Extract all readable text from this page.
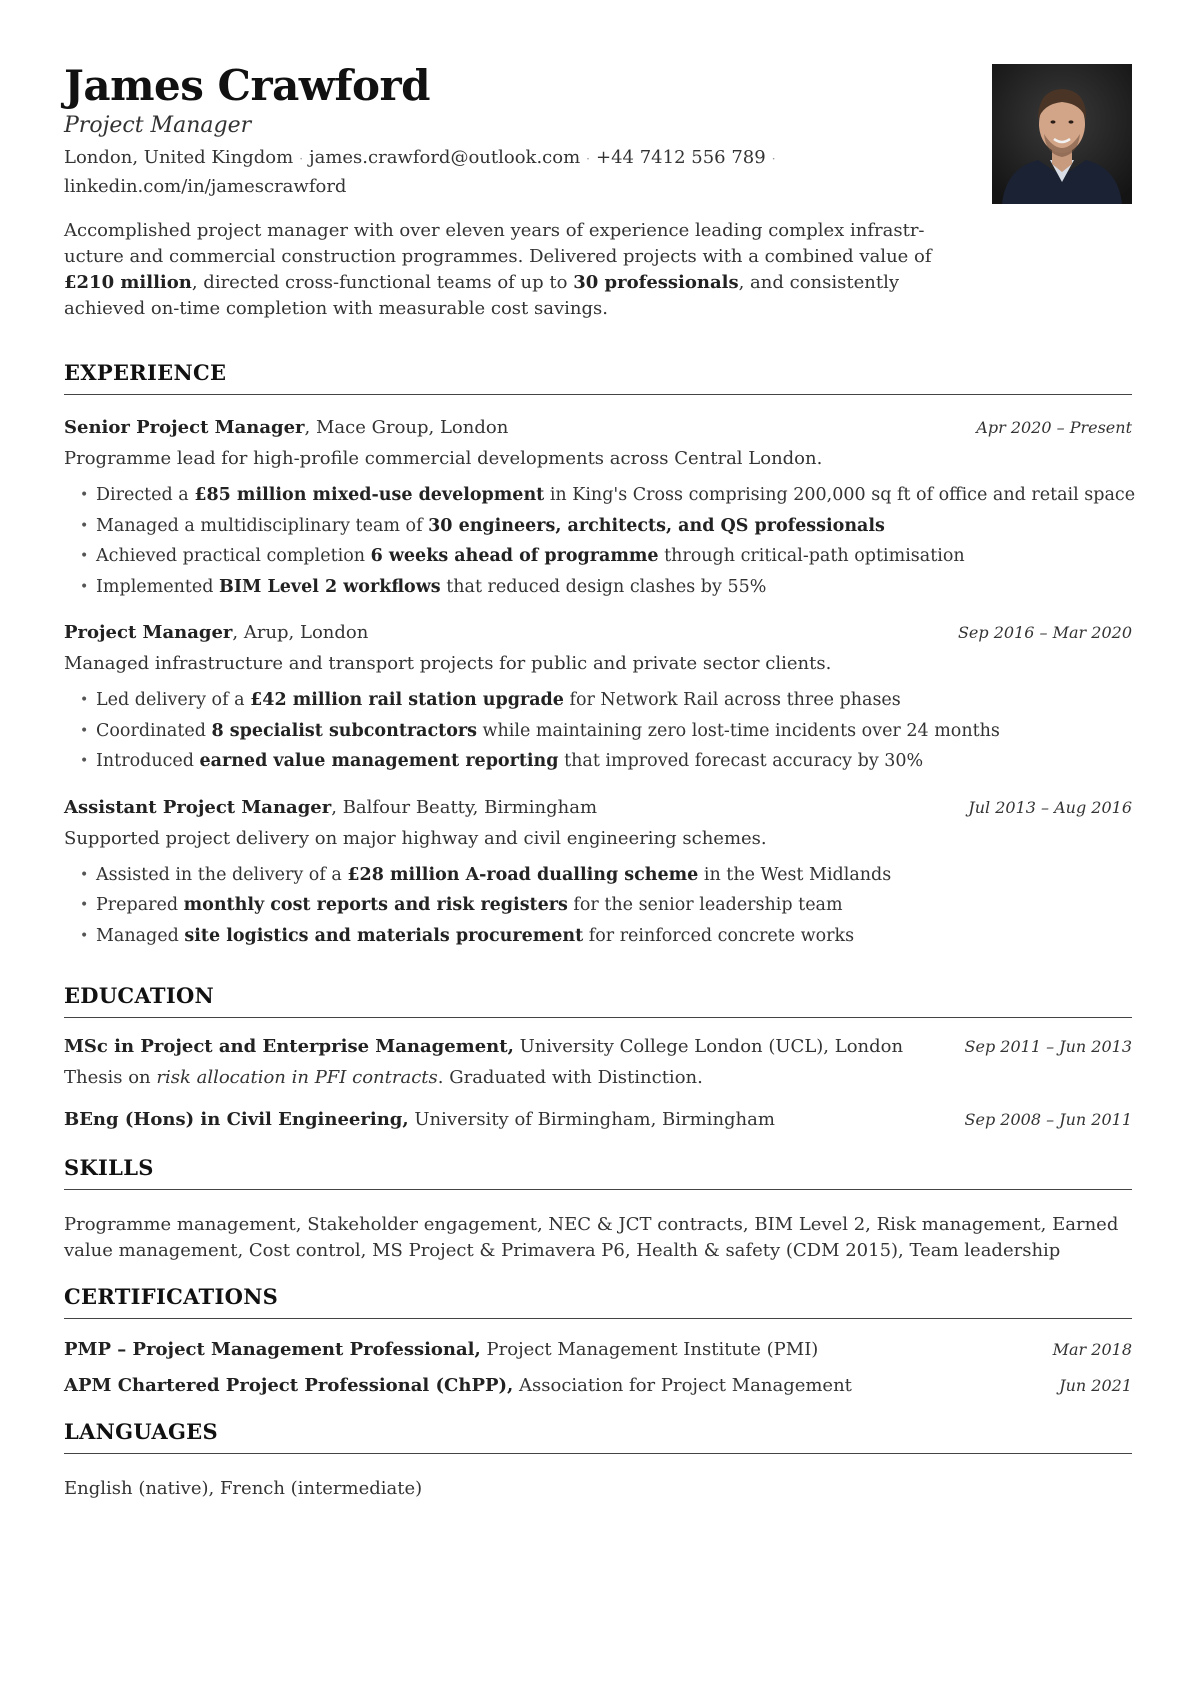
James Crawford
Project Manager
London, United Kingdom · james.crawford@outlook.com · +44 7412 556 789 ·
linkedin.com/in/jamescrawford
Accomplished project manager with over eleven years of experience leading complex infrastr-ucture and commercial construction programmes. Delivered projects with a combined value of £210 million, directed cross-functional teams of up to 30 professionals, and consistently achieved on-time completion with measurable cost savings.
EXPERIENCE
Senior Project Manager, Mace Group, London	Apr 2020 – Present
Programme lead for high-profile commercial developments across Central London.
• Directed a £85 million mixed-use development in King's Cross comprising 200,000 sq ft of office and retail space
• Managed a multidisciplinary team of 30 engineers, architects, and QS professionals
• Achieved practical completion 6 weeks ahead of programme through critical-path optimisation
• Implemented BIM Level 2 workflows that reduced design clashes by 55%
Project Manager, Arup, London	Sep 2016 – Mar 2020
Managed infrastructure and transport projects for public and private sector clients.
• Led delivery of a £42 million rail station upgrade for Network Rail across three phases
• Coordinated 8 specialist subcontractors while maintaining zero lost-time incidents over 24 months
• Introduced earned value management reporting that improved forecast accuracy by 30%
Assistant Project Manager, Balfour Beatty, Birmingham	Jul 2013 – Aug 2016
Supported project delivery on major highway and civil engineering schemes.
• Assisted in the delivery of a £28 million A-road dualling scheme in the West Midlands
• Prepared monthly cost reports and risk registers for the senior leadership team
• Managed site logistics and materials procurement for reinforced concrete works
EDUCATION
MSc in Project and Enterprise Management, University College London (UCL), London	Sep 2011 – Jun 2013
Thesis on risk allocation in PFI contracts. Graduated with Distinction.
BEng (Hons) in Civil Engineering, University of Birmingham, Birmingham	Sep 2008 – Jun 2011
SKILLS
Programme management, Stakeholder engagement, NEC & JCT contracts, BIM Level 2, Risk management, Earned value management, Cost control, MS Project & Primavera P6, Health & safety (CDM 2015), Team leadership
CERTIFICATIONS
PMP – Project Management Professional, Project Management Institute (PMI)	Mar 2018
APM Chartered Project Professional (ChPP), Association for Project Management	Jun 2021
LANGUAGES
English (native), French (intermediate)
